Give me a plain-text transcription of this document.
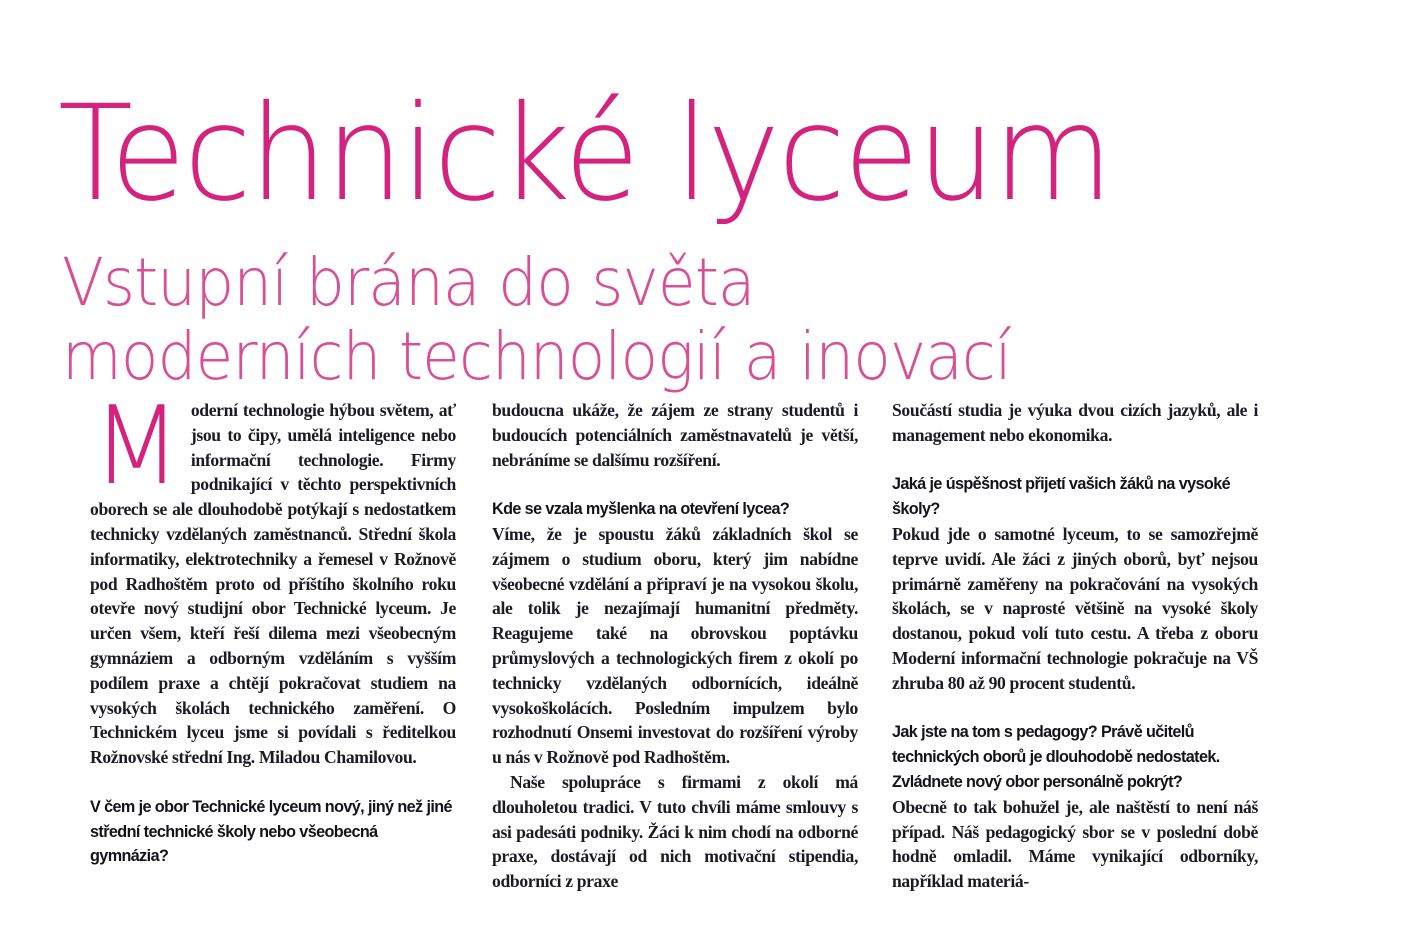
Technické lyceum
Vstupní brána do světa
moderních technologií a inovací

Moderní technologie hýbou světem, ať jsou to čipy, umělá inteligence nebo informační technologie. Firmy podnikající v těchto perspektivních oborech se ale dlouhodobě potýkají s nedostatkem technicky vzdělaných zaměstnanců. Střední škola informatiky, elektrotechniky a řemesel v Rožnově pod Radhoštěm proto od příštího školního roku otevře nový studijní obor Technické lyceum. Je určen všem, kteří řeší dilema mezi všeobecným gymnáziem a odborným vzděláním s vyšším podílem praxe a chtějí pokračovat studiem na vysokých školách technického zaměření. O Technickém lyceu jsme si povídali s ředitelkou Rožnovské střední Ing. Miladou Chamilovou.

V čem je obor Technické lyceum nový, jiný než jiné střední technické školy nebo všeobecná gymnázia?

budoucna ukáže, že zájem ze strany studentů i budoucích potenciálních zaměstnavatelů je větší, nebráníme se dalšímu rozšíření.

Kde se vzala myšlenka na otevření lycea?

Víme, že je spoustu žáků základních škol se zájmem o studium oboru, který jim nabídne všeobecné vzdělání a připraví je na vysokou školu, ale tolik je nezajímají humanitní předměty. Reagujeme také na obrovskou poptávku průmyslových a technologických firem z okolí po technicky vzdělaných odbornících, ideálně vysokoškolácích. Posledním impulzem bylo rozhodnutí Onsemi investovat do rozšíření výroby u nás v Rožnově pod Radhoštěm.

Naše spolupráce s firmami z okolí má dlouholetou tradici. V tuto chvíli máme smlouvy s asi padesáti podniky. Žáci k nim chodí na odborné praxe, dostávají od nich motivační stipendia, odborníci z praxe

Součástí studia je výuka dvou cizích jazyků, ale i management nebo ekonomika.

Jaká je úspěšnost přijetí vašich žáků na vysoké školy?

Pokud jde o samotné lyceum, to se samozřejmě teprve uvidí. Ale žáci z jiných oborů, byť nejsou primárně zaměřeny na pokračování na vysokých školách, se v naprosté většině na vysoké školy dostanou, pokud volí tuto cestu. A třeba z oboru Moderní informační technologie pokračuje na VŠ zhruba 80 až 90 procent studentů.

Jak jste na tom s pedagogy? Právě učitelů technických oborů je dlouhodobě nedostatek. Zvládnete nový obor personálně pokrýt?

Obecně to tak bohužel je, ale naštěstí to není náš případ. Náš pedagogický sbor se v poslední době hodně omladil. Máme vynikající odborníky, například materiá-
